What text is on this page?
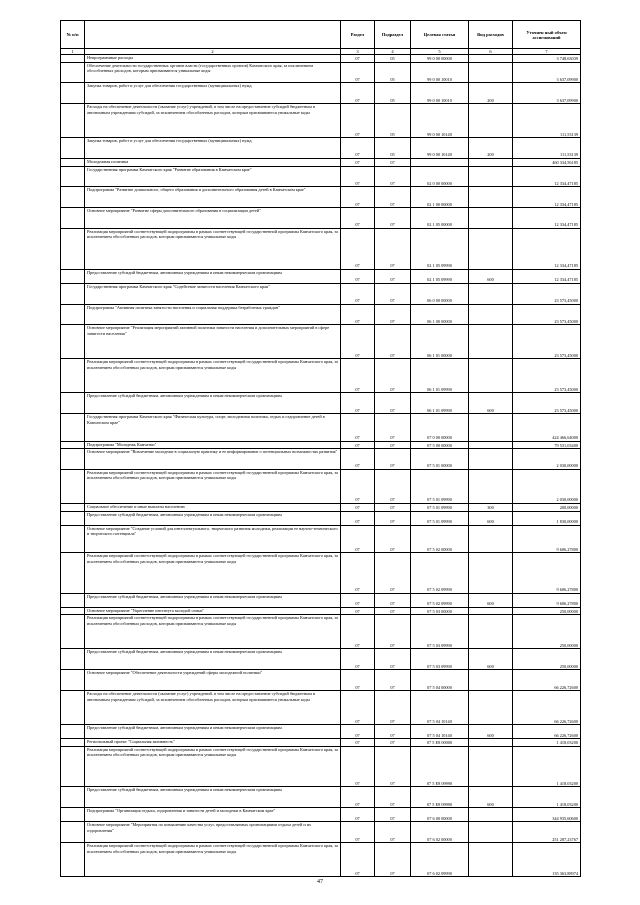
№ п/п		Раздел	Подраздел	Целевая статья	Вид расходов	Уточнен ный объем ассигнований
1	2	3	4	5	6	7
	Непрограммные расходы	07	05	99 0 00 00000		3 748,63039
	Обеспечение деятельности государственных органов власти (государственных органов) Камчатского края, за исключением обособленных расходов, которым присваиваются уникальные коды	07	05	99 0 00 10010		3 637,09900
	Закупка товаров, работ и услуг для обеспечения государственных (муниципальных) нужд	07	05	99 0 00 10010	200	3 637,09900
	Расходы на обеспечение деятельности (оказание услуг) учреждений, в том числе на предоставление субсидий бюджетным и автономным учреждениям субсидий, за исключением обособленных расходов, которым присваиваются уникальные коды	07	05	99 0 00 10140		111,53139
	Закупка товаров, работ и услуг для обеспечения государственных (муниципальных) нужд	07	05	99 0 00 10140	200	111,53139
	Молодежная политика	07	07			460 334,56185
	Государственная программа Камчатского края "Развитие образования в Камчатском крае"	07	07	02 0 00 00000		12 334,47185
	Подпрограмма "Развитие дошкольного, общего образования и дополнительного образования детей в Камчатском крае"	07	07	02 1 00 00000		12 334,47185
	Основное мероприятие "Развитие сферы дополнительного образования в социализации детей"	07	07	02 1 05 00000		12 334,47185
	Реализация мероприятий соответствующей подпрограммы в рамках соответствующей государственной программы Камчатского края, за исключением обособленных расходов, которым присваиваются уникальные коды	07	07	02 1 05 09990		12 334,47185
	Предоставление субсидий бюджетным, автономным учреждениям и иным некоммерческим организациям	07	07	02 1 05 09990	600	12 334,47185
	Государственная программа Камчатского края "Содействие занятости населения Камчатского края"	07	07	06 0 00 00000		23 573,45000
	Подпрограмма "Активная политика занятости населения и социальная поддержка безработных граждан"	07	07	06 1 00 00000		23 573,45000
	Основное мероприятие "Реализация мероприятий активной политики занятости населения и дополнительных мероприятий в сфере занятости населения"	07	07	06 1 01 00000		23 573,45000
	Реализация мероприятий соответствующей подпрограммы в рамках соответствующей государственной программы Камчатского края, за исключением обособленных расходов, которым присваиваются уникальные коды	07	07	06 1 01 09990		23 573,45000
	Предоставление субсидий бюджетным, автономным учреждениям и иным некоммерческим организациям	07	07	06 1 01 09990	600	23 573,45000
	Государственная программа Камчатского края "Физическая культура, спорт, молодежная политика, отдых и оздоровление детей в Камчатском крае"	07	07	07 0 00 00000		424 466,64000
	Подпрограмма "Молодежь Камчатки"	07	07	07 5 00 00000		79 531,03400
	Основное мероприятие "Вовлечение молодежи в социальную практику и ее информирование о потенциальных возможностях развития"	07	07	07 5 01 00000		2 030,00000
	Реализация мероприятий соответствующей подпрограммы в рамках соответствующей государственной программы Камчатского края, за исключением обособленных расходов, которым присваиваются уникальные коды	07	07	07 5 01 09990		2 030,00000
	Социальное обеспечение и иные выплаты населению	07	07	07 5 01 09990	300	200,00000
	Предоставление субсидий бюджетным, автономным учреждениям и иным некоммерческим организациям	07	07	07 5 01 09990	600	1 830,00000
	Основное мероприятие "Создание условий для интеллектуального, творческого развития молодежи, реализации ее научно-технического и творческого потенциала"	07	07	07 5 02 00000		9 606,27800
	Реализация мероприятий соответствующей подпрограммы в рамках соответствующей государственной программы Камчатского края, за исключением обособленных расходов, которым присваиваются уникальные коды	07	07	07 5 02 09990		9 606,27800
	Предоставление субсидий бюджетным, автономным учреждениям и иным некоммерческим организациям	07	07	07 5 02 09990	600	9 606,27800
	Основное мероприятие "Укрепление института молодой семьи"	07	07	07 5 03 00000		250,00000
	Реализация мероприятий соответствующей подпрограммы в рамках соответствующей государственной программы Камчатского края, за исключением обособленных расходов, которым присваиваются уникальные коды	07	07	07 5 03 09990		250,00000
	Предоставление субсидий бюджетным, автономным учреждениям и иным некоммерческим организациям	07	07	07 5 03 09990	600	250,00000
	Основное мероприятие "Обеспечение деятельности учреждений сферы молодежной политики"	07	07	07 5 04 00000		66 226,72600
	Расходы на обеспечение деятельности (оказание услуг) учреждений, в том числе на предоставление субсидий бюджетным и автономным учреждениям субсидий, за исключением обособленных расходов, которым присваиваются уникальные коды	07	07	07 5 04 10140		66 226,72600
	Предоставление субсидий бюджетным, автономным учреждениям и иным некоммерческим организациям	07	07	07 5 04 10140	600	66 226,72600
	Региональный проект "Социальная активность"	07	07	07 5 E8 00000		1 418,03200
	Реализация мероприятий соответствующей подпрограммы в рамках соответствующей государственной программы Камчатского края, за исключением обособленных расходов, которым присваиваются уникальные коды	07	07	07 5 E8 09990		1 418,03200
	Предоставление субсидий бюджетным, автономным учреждениям и иным некоммерческим организациям	07	07	07 5 E8 09990	600	1 418,03200
	Подпрограмма "Организация отдыха, оздоровления и занятости детей и молодежи в Камчатском крае"	07	07	07 6 00 00000		344 935,60600
	Основное мероприятие "Мероприятия по повышению качества услуг, предоставляемых организациями отдыха детей и их оздоровления"	07	07	07 6 02 00000		251 287,23767
	Реализация мероприятий соответствующей подпрограммы в рамках соответствующей государственной программы Камчатского края, за исключением обособленных расходов, которым присваиваются уникальные коды	07	07	07 6 02 09990		135 363,88974
47
